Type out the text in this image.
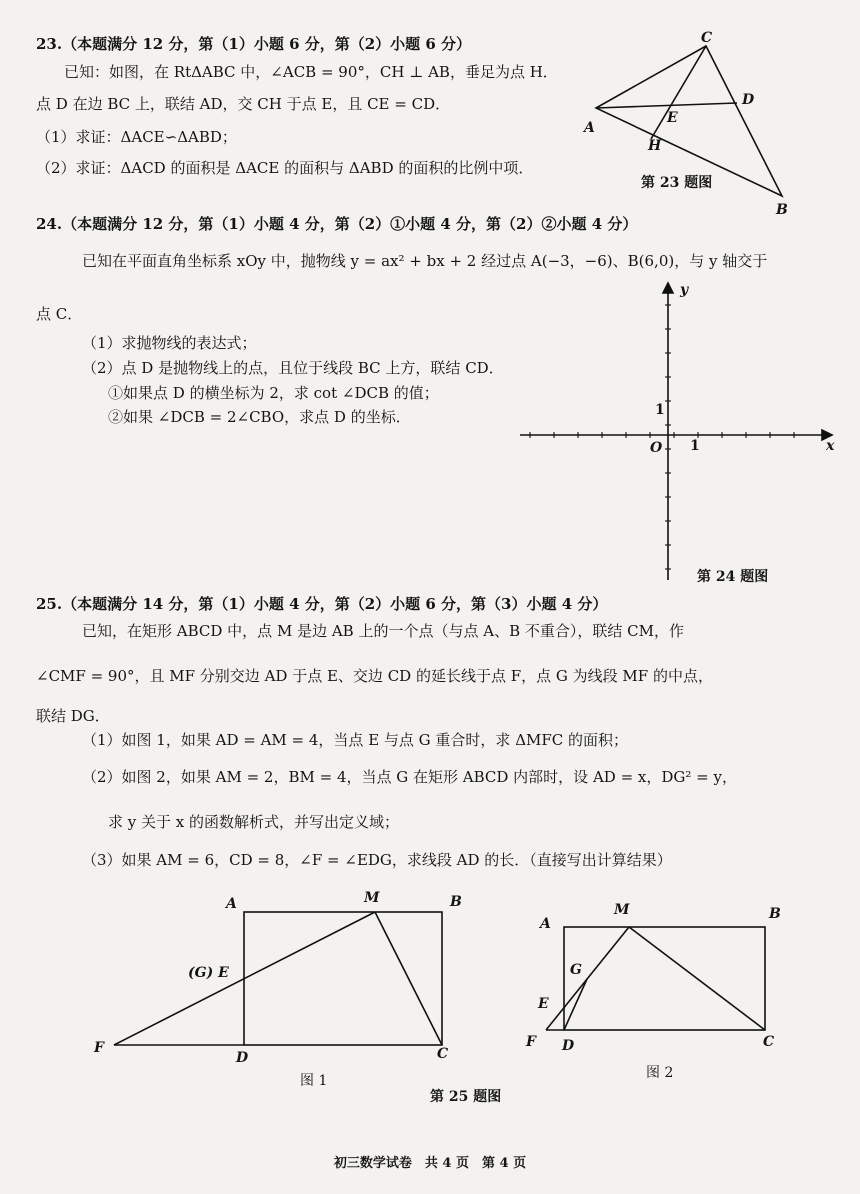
23.（本题满分 12 分，第（1）小题 6 分，第（2）小题 6 分）
已知：如图，在 RtΔABC 中，∠ACB = 90°，CH ⊥ AB，垂足为点 H．
点 D 在边 BC 上，联结 AD，交 CH 于点 E，且 CE = CD．
（1）求证：ΔACE∽ΔABD；
（2）求证：ΔACD 的面积是 ΔACE 的面积与 ΔABD 的面积的比例中项．
C
D
A
E
H
B
第 23 题图
24.（本题满分 12 分，第（1）小题 4 分，第（2）①小题 4 分，第（2）②小题 4 分）
已知在平面直角坐标系 xOy 中，抛物线 y = ax² + bx + 2 经过点 A(−3，−6)、B(6,0)，与 y 轴交于
点 C．
（1）求抛物线的表达式；
（2）点 D 是抛物线上的点，且位于线段 BC 上方，联结 CD．
①如果点 D 的横坐标为 2，求 cot ∠DCB 的值；
②如果 ∠DCB = 2∠CBO，求点 D 的坐标．
y
x
O 1
1
第 24 题图
25.（本题满分 14 分，第（1）小题 4 分，第（2）小题 6 分，第（3）小题 4 分）
已知，在矩形 ABCD 中，点 M 是边 AB 上的一个点（与点 A、B 不重合），联结 CM，作
∠CMF = 90°，且 MF 分别交边 AD 于点 E、交边 CD 的延长线于点 F，点 G 为线段 MF 的中点，
联结 DG．
（1）如图 1，如果 AD = AM = 4，当点 E 与点 G 重合时，求 ΔMFC 的面积；
（2）如图 2，如果 AM = 2，BM = 4，当点 G 在矩形 ABCD 内部时，设 AD = x，DG² = y，
求 y 关于 x 的函数解析式，并写出定义域；
（3）如果 AM = 6，CD = 8，∠F = ∠EDG，求线段 AD 的长．（直接写出计算结果）
A	M	B
(G) E
F
D	C
图 1
A
M	B
G
E
F D	C
图 2
第 25 题图
初三数学试卷　共 4 页　第 4 页
